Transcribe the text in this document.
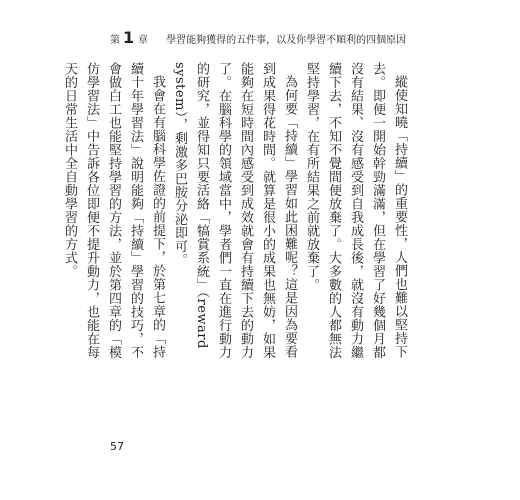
第 1 章 學習能夠獲得的五件事，以及你學習不順利的四個原因

縱使知曉「持續」的重要性，人們也難以堅持下去。即便一開始幹勁滿滿，但在學習了好幾個月都沒有結果、沒有感受到自我成長後，就沒有動力繼續下去，不知不覺間便放棄了。大多數的人都無法堅持學習，在有所結果之前就放棄了。

為何要「持續」學習如此困難呢？這是因為要看到成果得花時間。就算是很小的成果也無妨，如果能夠在短時間內感受到成效就會有持續下去的動力了。在腦科學的領域當中，學者們一直在進行動力的研究，並得知只要活絡「犒賞系統」（reward system），剩激多巴胺分泌即可。

我會在有腦科學佐證的前提下，於第七章的「持續十年學習法」說明能夠「持續」學習的技巧，不會做白工也能堅持學習的方法，並於第四章的「模仿學習法」中告訴各位即便不提升動力，也能在每天的日常生活中全自動學習的方式。

57
